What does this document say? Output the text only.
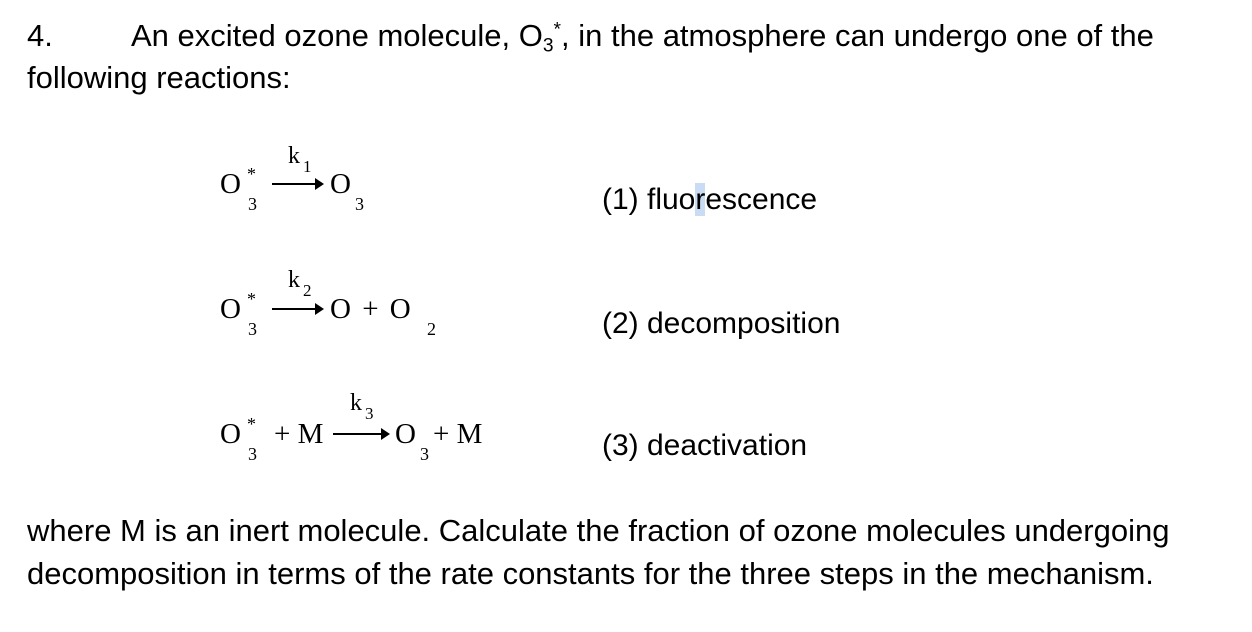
4.	An excited ozone molecule, $O_3^*$, in the atmosphere can undergo one of the
following reactions:
O *
3
k 1
→ O
3	(1) fluorescence
O *
3
k 2
→ O + O
2	(2) decomposition
O *
3
+ M
k 3
→ O
3
+ M	(3) deactivation
where M is an inert molecule. Calculate the fraction of ozone molecules undergoing
decomposition in terms of the rate constants for the three steps in the mechanism.
